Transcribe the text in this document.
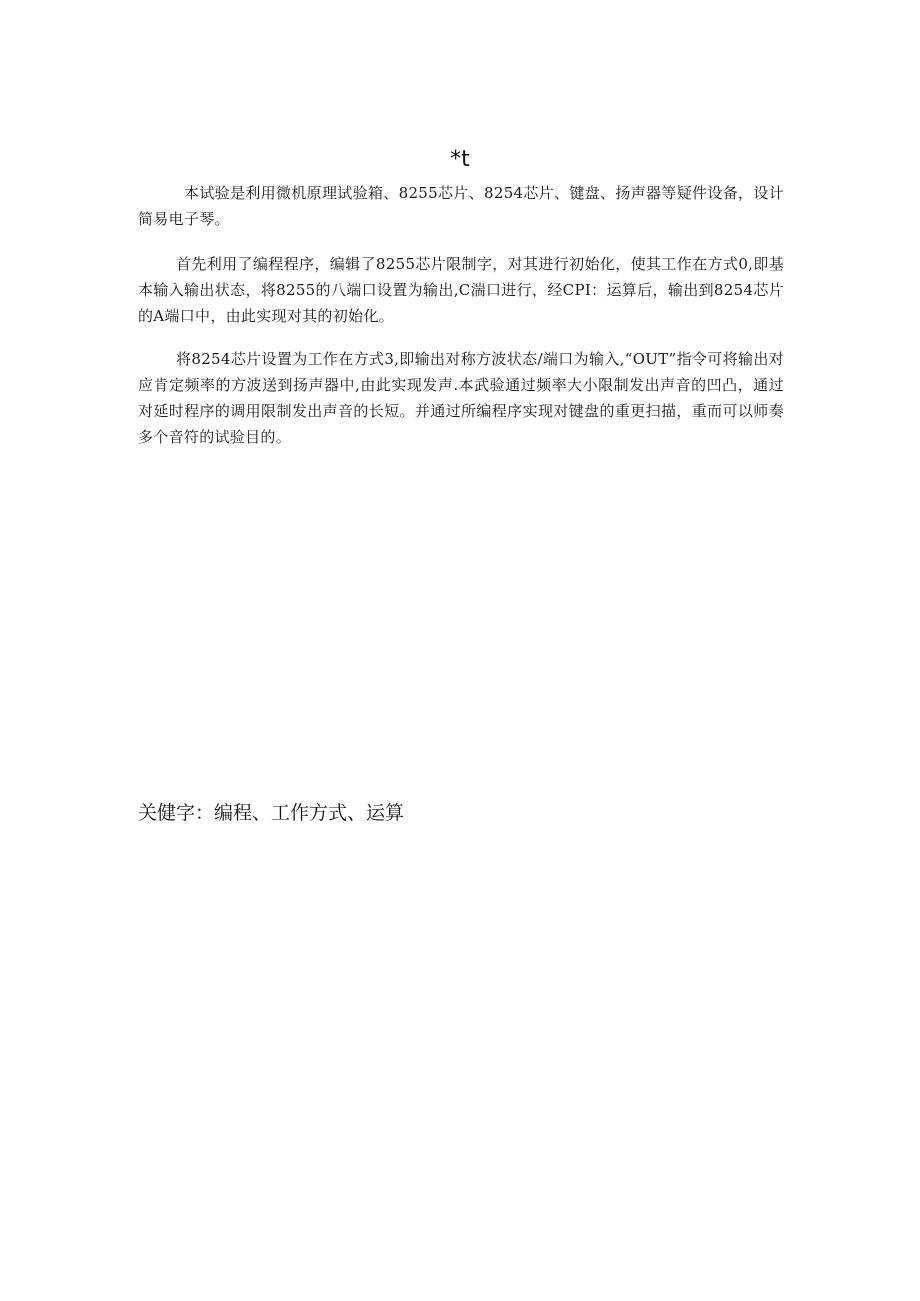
*t

本试验是利用微机原理试验箱、8255芯片、8254芯片、键盘、扬声器等疑件设备，设计简易电子琴。

首先利用了编程程序，编辑了8255芯片限制字，对其进行初始化，使其工作在方式0,即基本输入输出状态，将8255的八端口设置为输出,C湍口进行，经CPI：运算后，输出到8254芯片的A端口中，由此实现对其的初始化。

将8254芯片设置为工作在方式3,即输出对称方波状态/端口为输入,“OUT”指令可将输出对应肯定频率的方波送到扬声器中,由此实现发声.本武验通过频率大小限制发出声音的凹凸，通过对延时程序的调用限制发出声音的长短。并通过所编程序实现对键盘的重更扫描，重而可以师奏多个音符的试验目的。

关健字：编程、工作方式、运算
